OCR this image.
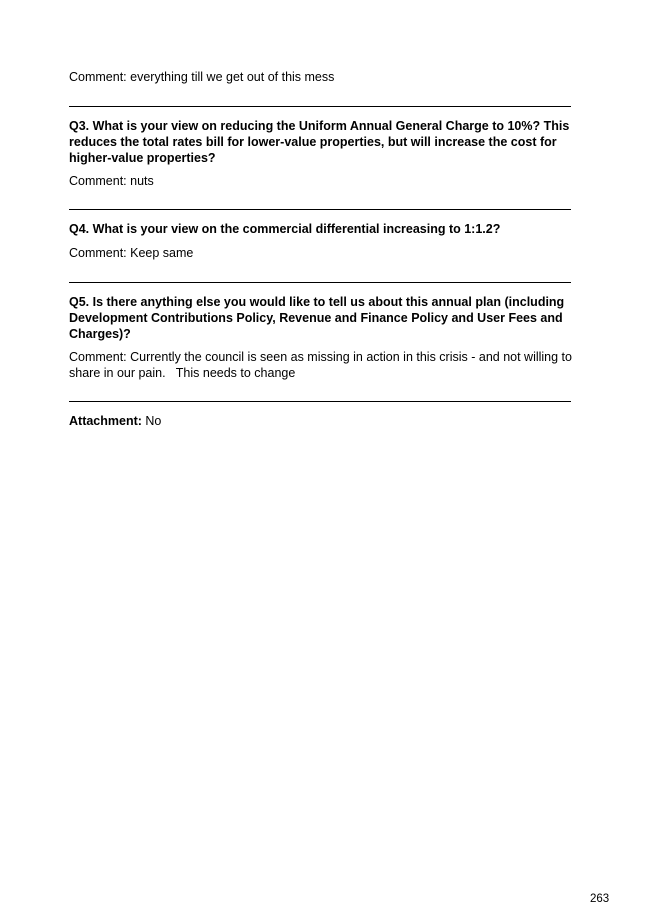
Comment: everything till we get out of this mess

Q3. What is your view on reducing the Uniform Annual General Charge to 10%? This reduces the total rates bill for lower-value properties, but will increase the cost for higher-value properties?

Comment: nuts

Q4. What is your view on the commercial differential increasing to 1:1.2?

Comment: Keep same

Q5. Is there anything else you would like to tell us about this annual plan (including Development Contributions Policy, Revenue and Finance Policy and User Fees and Charges)?

Comment: Currently the council is seen as missing in action in this crisis - and not willing to share in our pain.   This needs to change

Attachment: No

263
